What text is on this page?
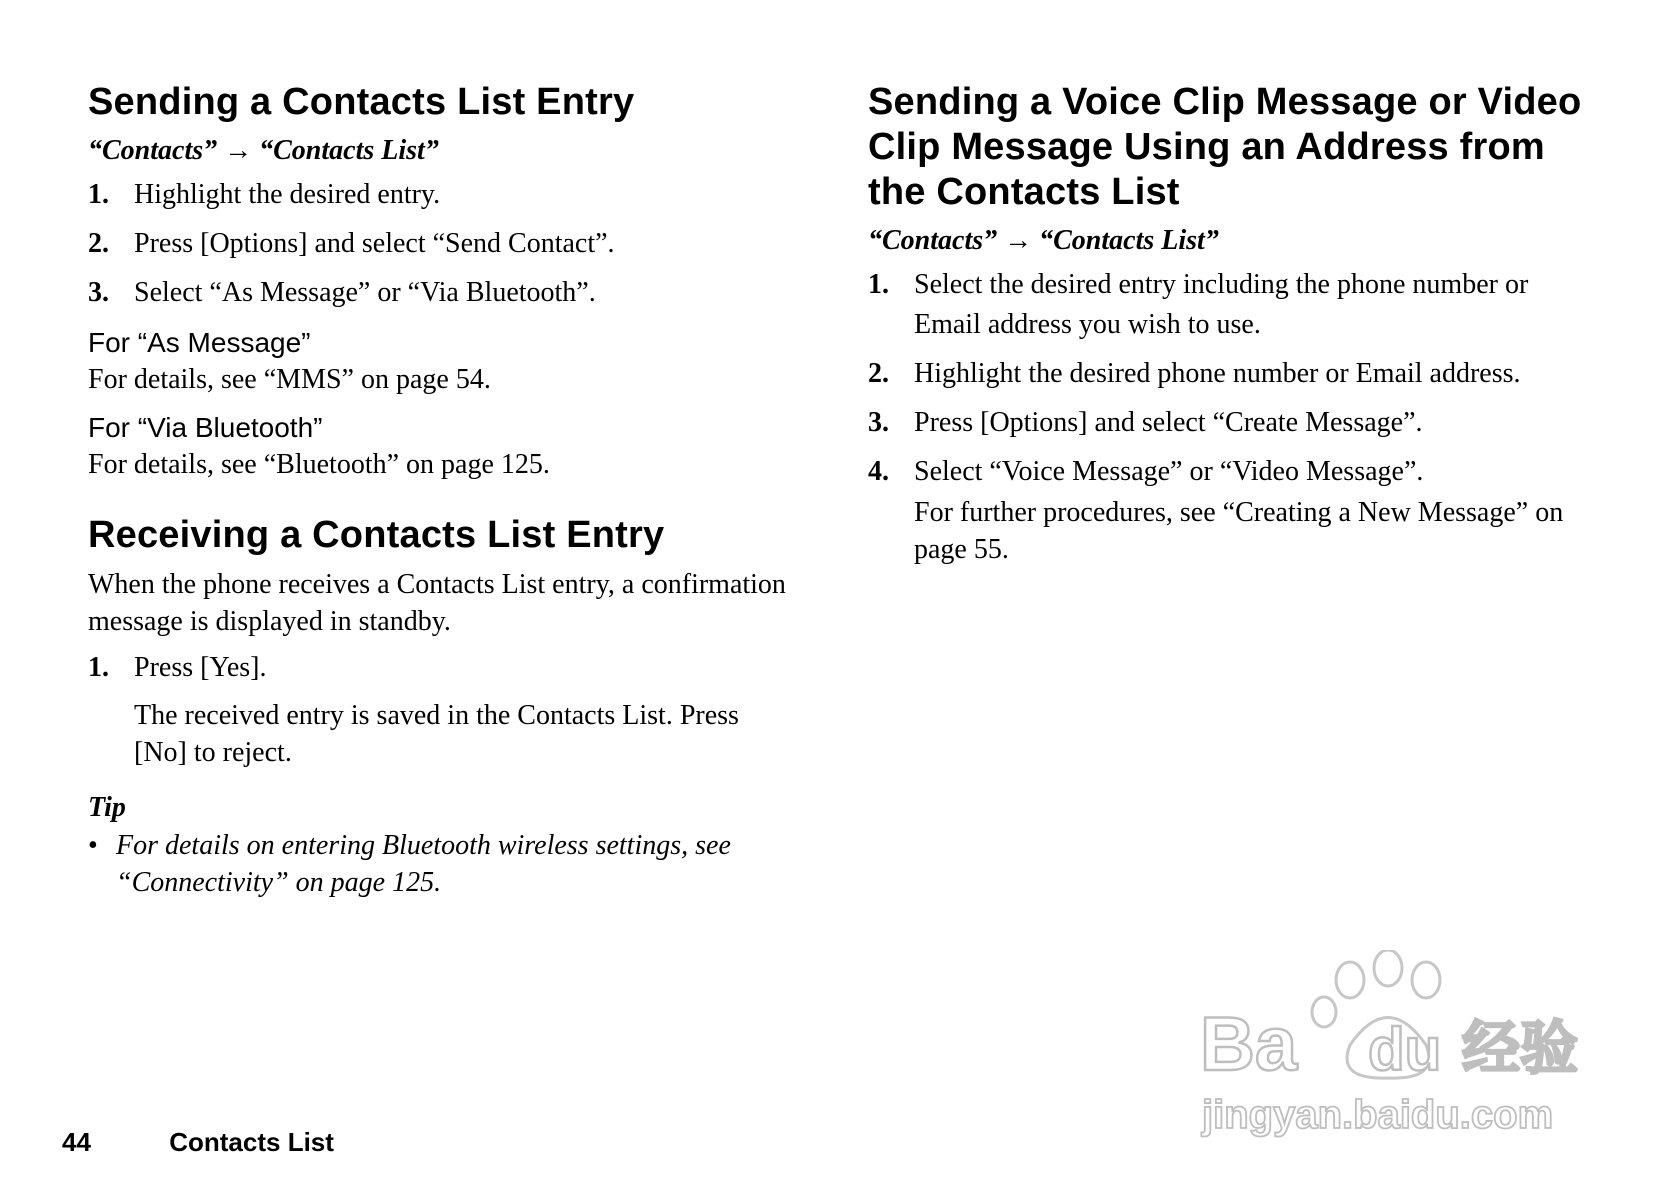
Sending a Contacts List Entry
“Contacts” → “Contacts List”
1. Highlight the desired entry.
2. Press [Options] and select “Send Contact”.
3. Select “As Message” or “Via Bluetooth”.
For “As Message”

For details, see “MMS” on page 54.

For “Via Bluetooth”

For details, see “Bluetooth” on page 125.

Receiving a Contacts List Entry

When the phone receives a Contacts List entry, a confirmation message is displayed in standby.

1. Press [Yes].

The received entry is saved in the Contacts List. Press [No] to reject.

Tip
• For details on entering Bluetooth wireless settings, see “Connectivity” on page 125.
Sending a Voice Clip Message or Video Clip Message Using an Address from the Contacts List
“Contacts” → “Contacts List”
1. Select the desired entry including the phone number or Email address you wish to use.
2. Highlight the desired phone number or Email address.
3. Press [Options] and select “Create Message”.
4. Select “Voice Message” or “Video Message”.

For further procedures, see “Creating a New Message” on page 55.

44	Contacts List
Ba du 经验
jingyan.baidu.com
